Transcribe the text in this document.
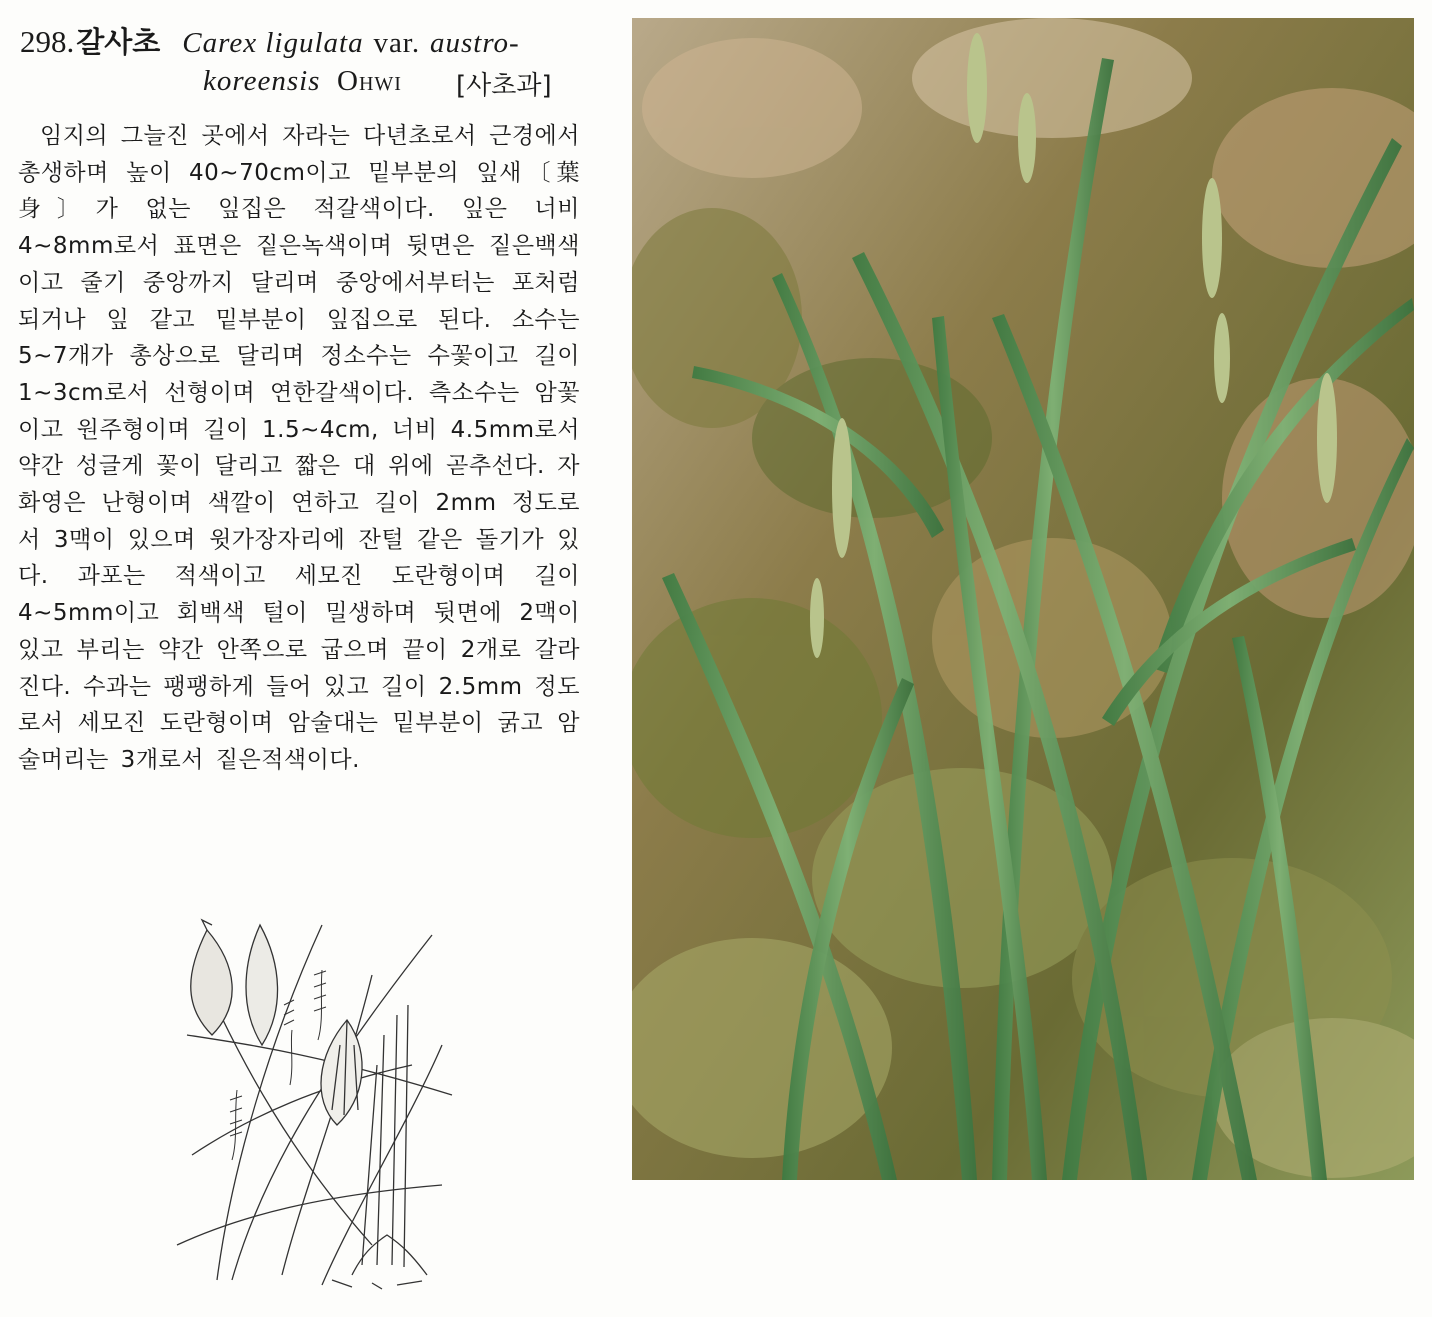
298.갈사초 Carex ligulata var. austro-
koreensis Ohwi [사초과]

임지의 그늘진 곳에서 자라는 다년초로서 근경에서 총생하며 높이 40~70cm이고 밑부분의 잎새〔葉身〕가 없는 잎집은 적갈색이다. 잎은 너비 4~8mm로서 표면은 짙은녹색이며 뒷면은 짙은백색이고 줄기 중앙까지 달리며 중앙에서부터는 포처럼 되거나 잎 같고 밑부분이 잎집으로 된다. 소수는 5~7개가 총상으로 달리며 정소수는 수꽃이고 길이 1~3cm로서 선형이며 연한갈색이다. 측소수는 암꽃이고 원주형이며 길이 1.5~4cm, 너비 4.5mm로서 약간 성글게 꽃이 달리고 짧은 대 위에 곧추선다. 자화영은 난형이며 색깔이 연하고 길이 2mm 정도로서 3맥이 있으며 윗가장자리에 잔털 같은 돌기가 있다. 과포는 적색이고 세모진 도란형이며 길이 4~5mm이고 회백색 털이 밀생하며 뒷면에 2맥이 있고 부리는 약간 안쪽으로 굽으며 끝이 2개로 갈라진다. 수과는 팽팽하게 들어 있고 길이 2.5mm 정도로서 세모진 도란형이며 암술대는 밑부분이 굵고 암술머리는 3개로서 짙은적색이다.
